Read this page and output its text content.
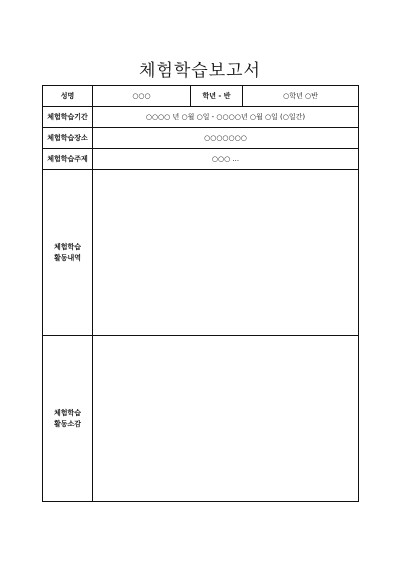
체험학습보고서
성명	○○○	학년 - 반	○학년 ○반
체험학습기간	○○○○ 년 ○월 ○일 - ○○○○년 ○월 ○일 (○일간)		
체험학습장소	○○○○○○○		
체험학습주제	○○○ ...		

체험학습
활동내역			

체험학습
활동소감			
